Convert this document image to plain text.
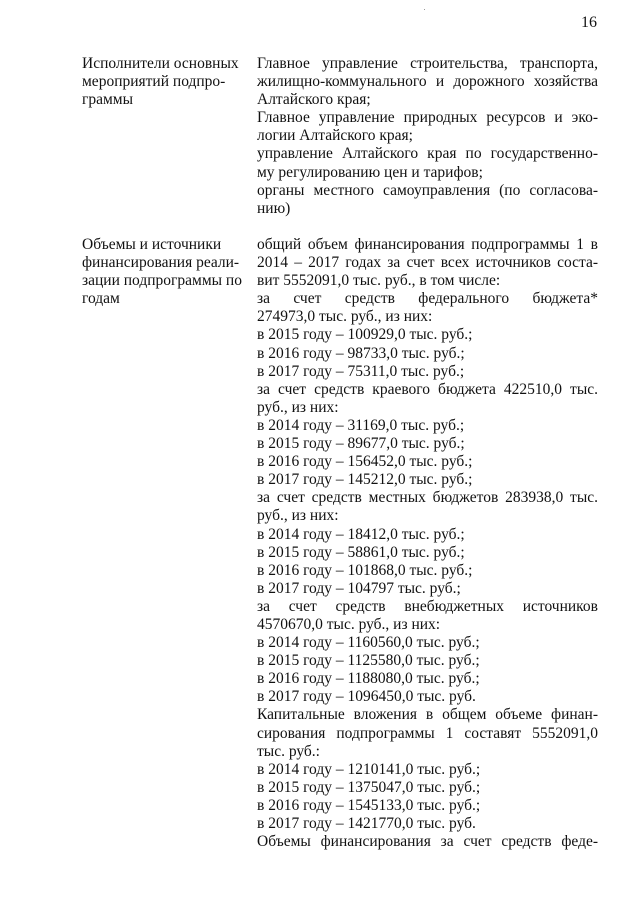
16
Исполнители основных
мероприятий подпро-
граммы
Главное управление строительства, транспорта,
жилищно-коммунального и дорожного хозяйства
Алтайского края;
Главное управление природных ресурсов и эко-
логии Алтайского края;
управление Алтайского края по государственно-
му регулированию цен и тарифов;
органы местного самоуправления (по согласова-
нию)
Объемы и источники
финансирования реали-
зации подпрограммы по
годам
общий объем финансирования подпрограммы 1 в
2014 – 2017 годах за счет всех источников соста-
вит 5552091,0 тыс. руб., в том числе:
за счет средств федерального бюджета*
274973,0 тыс. руб., из них:
в 2015 году – 100929,0 тыс. руб.;
в 2016 году – 98733,0 тыс. руб.;
в 2017 году – 75311,0 тыс. руб.;
за счет средств краевого бюджета 422510,0 тыс.
руб., из них:
в 2014 году – 31169,0 тыс. руб.;
в 2015 году – 89677,0 тыс. руб.;
в 2016 году – 156452,0 тыс. руб.;
в 2017 году – 145212,0 тыс. руб.;
за счет средств местных бюджетов 283938,0 тыс.
руб., из них:
в 2014 году – 18412,0 тыс. руб.;
в 2015 году – 58861,0 тыс. руб.;
в 2016 году – 101868,0 тыс. руб.;
в 2017 году – 104797 тыс. руб.;
за счет средств внебюджетных источников
4570670,0 тыс. руб., из них:
в 2014 году – 1160560,0 тыс. руб.;
в 2015 году – 1125580,0 тыс. руб.;
в 2016 году – 1188080,0 тыс. руб.;
в 2017 году – 1096450,0 тыс. руб.
Капитальные вложения в общем объеме финан-
сирования подпрограммы 1 составят 5552091,0
тыс. руб.:
в 2014 году – 1210141,0 тыс. руб.;
в 2015 году – 1375047,0 тыс. руб.;
в 2016 году – 1545133,0 тыс. руб.;
в 2017 году – 1421770,0 тыс. руб.
Объемы финансирования за счет средств феде-
